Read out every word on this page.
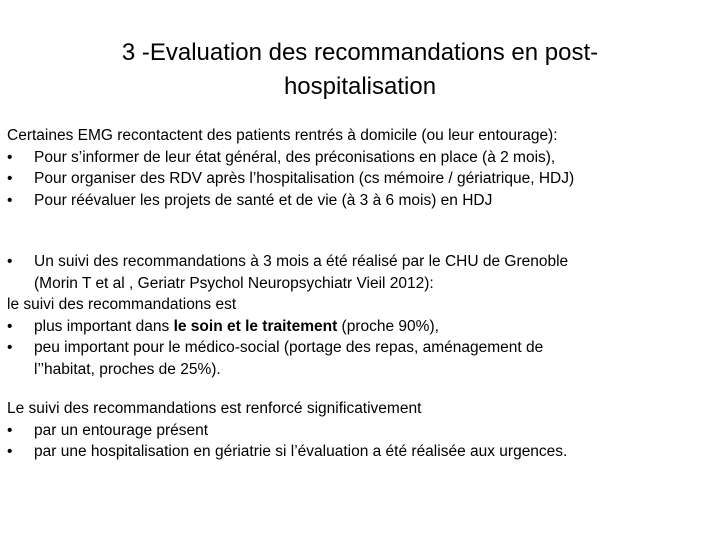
3 -Evaluation des recommandations en post-
hospitalisation
Certaines EMG recontactent des patients rentrés à domicile (ou leur entourage):
•	Pour s’informer de leur état général, des préconisations en place (à 2 mois),
•	Pour organiser des RDV après l’hospitalisation (cs mémoire / gériatrique, HDJ)
•	Pour réévaluer les projets de santé et de vie (à 3 à 6 mois) en HDJ
•	Un suivi des recommandations à 3 mois a été réalisé par le CHU de Grenoble
(Morin T et al , Geriatr Psychol Neuropsychiatr Vieil 2012):
le suivi des recommandations est
•	plus important dans le soin et le traitement (proche 90%),
•	peu important pour le médico-social (portage des repas, aménagement de
l’’habitat, proches de 25%).
Le suivi des recommandations est renforcé significativement
•	par un entourage présent
•	par une hospitalisation en gériatrie si l’évaluation a été réalisée aux urgences.
